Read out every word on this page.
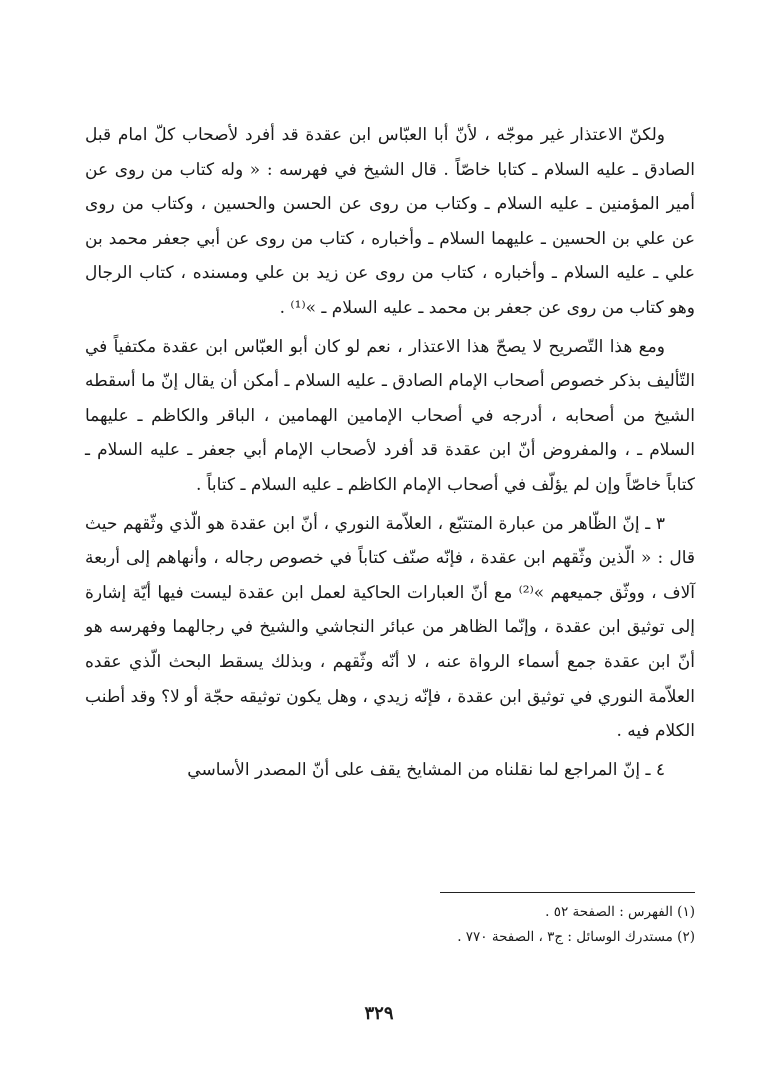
ولكنّ الاعتذار غير موجّه ، لأنّ أبا العبّاس ابن عقدة قد أفرد لأصحاب كلّ امام قبل الصادق ـ عليه السلام ـ كتابا خاصّاً . قال الشيخ في فهرسه : « وله كتاب من روى عن أمير المؤمنين ـ عليه السلام ـ وكتاب من روى عن الحسن والحسين ، وكتاب من روى عن علي بن الحسين ـ عليهما السلام ـ وأخباره ، كتاب من روى عن أبي جعفر محمد بن علي ـ عليه السلام ـ وأخباره ، كتاب من روى عن زيد بن علي ومسنده ، كتاب الرجال وهو كتاب من روى عن جعفر بن محمد ـ عليه السلام ـ »⁽¹⁾ .

ومع هذا التّصريح لا يصحّ هذا الاعتذار ، نعم لو كان أبو العبّاس ابن عقدة مكتفياً في التّأليف بذكر خصوص أصحاب الإمام الصادق ـ عليه السلام ـ أمكن أن يقال إنّ ما أسقطه الشيخ من أصحابه ، أدرجه في أصحاب الإمامين الهمامين ، الباقر والكاظم ـ عليهما السلام ـ ، والمفروض أنّ ابن عقدة قد أفرد لأصحاب الإمام أبي جعفر ـ عليه السلام ـ كتاباً خاصّاً وإن لم يؤلّف في أصحاب الإمام الكاظم ـ عليه السلام ـ كتاباً .

٣ ـ إنّ الظّاهر من عبارة المتتبّع ، العلاّمة النوري ، أنّ ابن عقدة هو الّذي وثّقهم حيث قال : « الّذين وثّقهم ابن عقدة ، فإنّه صنّف كتاباً في خصوص رجاله ، وأنهاهم إلى أربعة آلاف ، ووثّق جميعهم »⁽²⁾ مع أنّ العبارات الحاكية لعمل ابن عقدة ليست فيها أيّة إشارة إلى توثيق ابن عقدة ، وإنّما الظاهر من عبائر النجاشي والشيخ في رجالهما وفهرسه هو أنّ ابن عقدة جمع أسماء الرواة عنه ، لا أنّه وثّقهم ، وبذلك يسقط البحث الّذي عقده العلاّمة النوري في توثيق ابن عقدة ، فإنّه زيدي ، وهل يكون توثيقه حجّة أو لا؟ وقد أطنب الكلام فيه .

٤ ـ إنّ المراجع لما نقلناه من المشايخ يقف على أنّ المصدر الأساسي

(١) الفهرس : الصفحة ٥٢ .

(٢) مستدرك الوسائل : ج٣ ، الصفحة ٧٧٠ .

٣٢٩
